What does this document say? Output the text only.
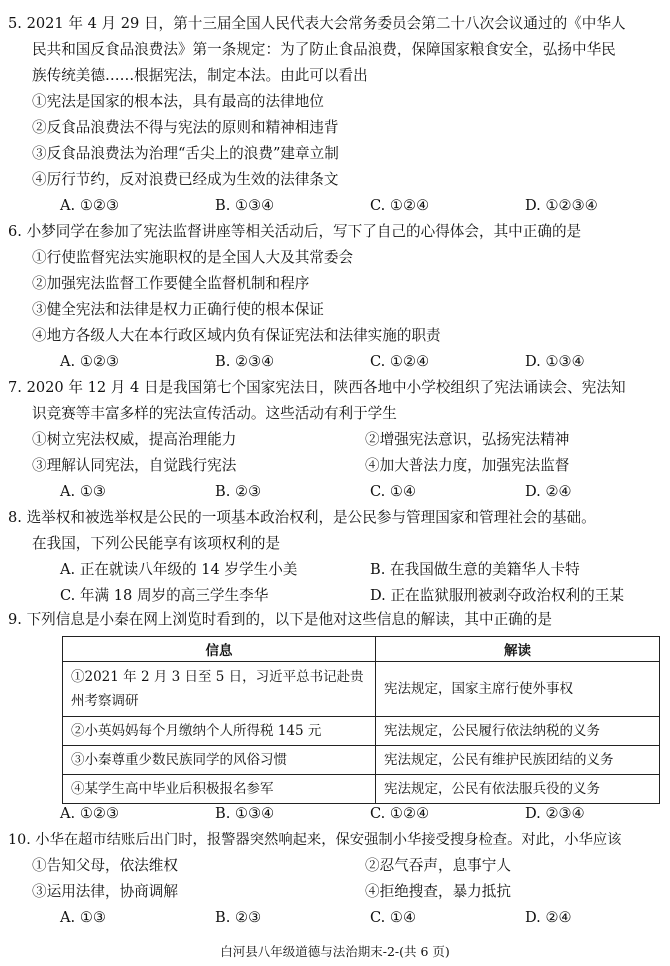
5. 2021 年 4 月 29 日，第十三届全国人民代表大会常务委员会第二十八次会议通过的《中华人
民共和国反食品浪费法》第一条规定：为了防止食品浪费，保障国家粮食安全，弘扬中华民
族传统美德……根据宪法，制定本法。由此可以看出
①宪法是国家的根本法，具有最高的法律地位
②反食品浪费法不得与宪法的原则和精神相违背
③反食品浪费法为治理“舌尖上的浪费”建章立制
④厉行节约，反对浪费已经成为生效的法律条文
A. ①②③	B. ①③④	C. ①②④	D. ①②③④
6. 小梦同学在参加了宪法监督讲座等相关活动后，写下了自己的心得体会，其中正确的是
①行使监督宪法实施职权的是全国人大及其常委会
②加强宪法监督工作要健全监督机制和程序
③健全宪法和法律是权力正确行使的根本保证
④地方各级人大在本行政区域内负有保证宪法和法律实施的职责
A. ①②③	B. ②③④	C. ①②④	D. ①③④
7. 2020 年 12 月 4 日是我国第七个国家宪法日，陕西各地中小学校组织了宪法诵读会、宪法知
识竞赛等丰富多样的宪法宣传活动。这些活动有利于学生
①树立宪法权威，提高治理能力	②增强宪法意识，弘扬宪法精神
③理解认同宪法，自觉践行宪法	④加大普法力度，加强宪法监督
A. ①③	B. ②③	C. ①④	D. ②④
8. 选举权和被选举权是公民的一项基本政治权利，是公民参与管理国家和管理社会的基础。
在我国，下列公民能享有该项权利的是
A. 正在就读八年级的 14 岁学生小美	B. 在我国做生意的美籍华人卡特
C. 年满 18 周岁的高三学生李华	D. 正在监狱服刑被剥夺政治权利的王某
9. 下列信息是小秦在网上浏览时看到的，以下是他对这些信息的解读，其中正确的是
信息	解读
①2021 年 2 月 3 日至 5 日，习近平总书记赴贵州考察调研	宪法规定，国家主席行使外事权
②小英妈妈每个月缴纳个人所得税 145 元	宪法规定，公民履行依法纳税的义务
③小秦尊重少数民族同学的风俗习惯	宪法规定，公民有维护民族团结的义务
④某学生高中毕业后积极报名参军	宪法规定，公民有依法服兵役的义务
A. ①②③	B. ①③④	C. ①②④	D. ②③④
10. 小华在超市结账后出门时，报警器突然响起来，保安强制小华接受搜身检查。对此，小华应该
①告知父母，依法维权	②忍气吞声，息事宁人
③运用法律，协商调解	④拒绝搜查，暴力抵抗
A. ①③	B. ②③	C. ①④	D. ②④
白河县八年级道德与法治期末-2-(共 6 页)
